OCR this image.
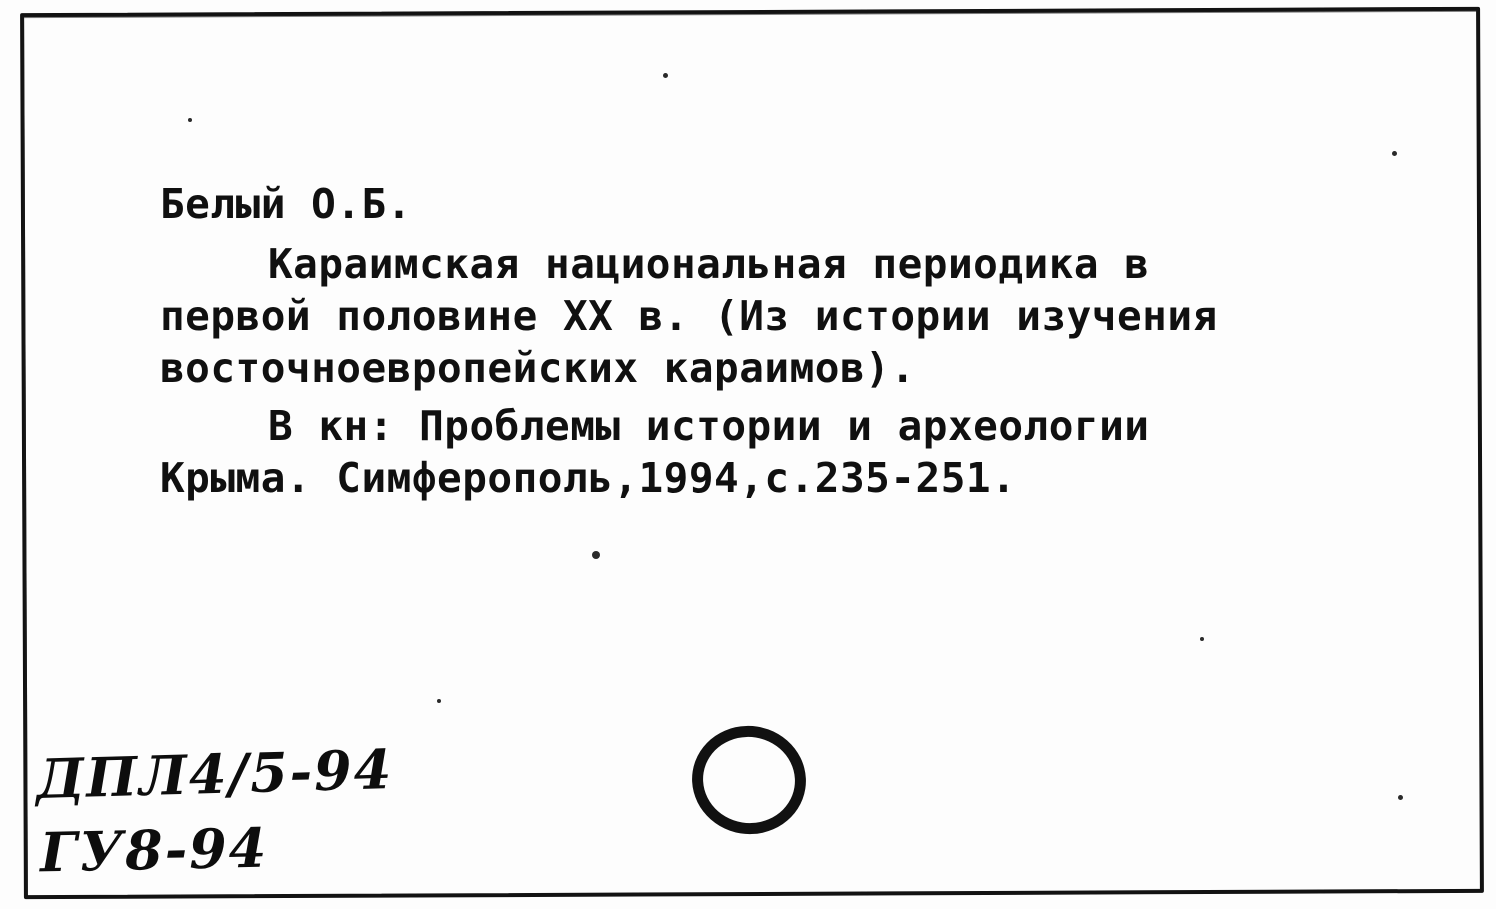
Белый О.Б.
Караимская национальная периодика в
первой половине XX в. (Из истории изучения
восточноевропейских караимов).
В кн: Проблемы истории и археологии
Крыма. Симферополь,1994,с.235-251.
ДПЛ4/5-94
ГУ8-94
